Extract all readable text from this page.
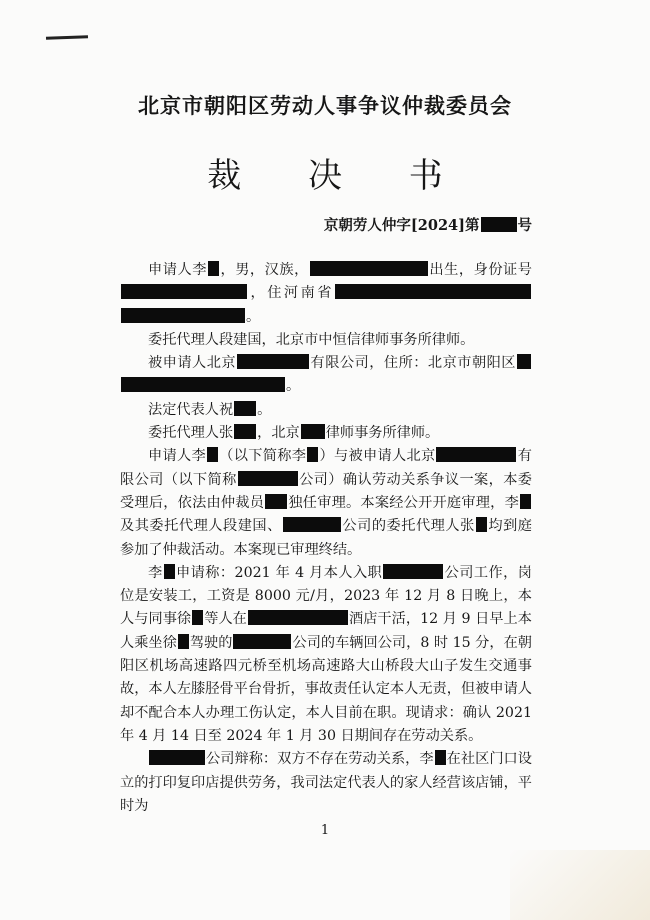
北京市朝阳区劳动人事争议仲裁委员会
裁 决 书
京朝劳人仲字[2024]第	号

申请人李 ，男，汉族，	出生，身份证号，住河南省。

委托代理人段建国，北京市中恒信律师事务所律师。

被申请人北京	有限公司，住所：北京市朝阳区。

法定代表人祝 。

委托代理人张 ，北京 律师事务所律师。

申请人李 （以下简称李 ）与被申请人北京	有限公司（以下简称	公司）确认劳动关系争议一案，本委受理后，依法由仲裁员 独任审理。本案经公开开庭审理，李及其委托代理人段建国、	公司的委托代理人张 均到庭参加了仲裁活动。本案现已审理终结。

李 申请称：2021 年 4 月本人入职	公司工作，岗位是安装工，工资是 8000 元/月，2023 年 12 月 8 日晚上，本人与同事徐 等人在	酒店干活，12 月 9 日早上本人乘坐徐 驾驶的	公司的车辆回公司，8 时 15 分，在朝阳区机场高速路四元桥至机场高速路大山桥段大山子发生交通事故，本人左膝胫骨平台骨折，事故责任认定本人无责，但被申请人却不配合本人办理工伤认定，本人目前在职。现请求：确认 2021 年 4 月 14 日至 2024 年 1 月 30 日期间存在劳动关系。

公司辩称：双方不存在劳动关系，李 在社区门口设立的打印复印店提供劳务，我司法定代表人的家人经营该店铺，平时为

1
